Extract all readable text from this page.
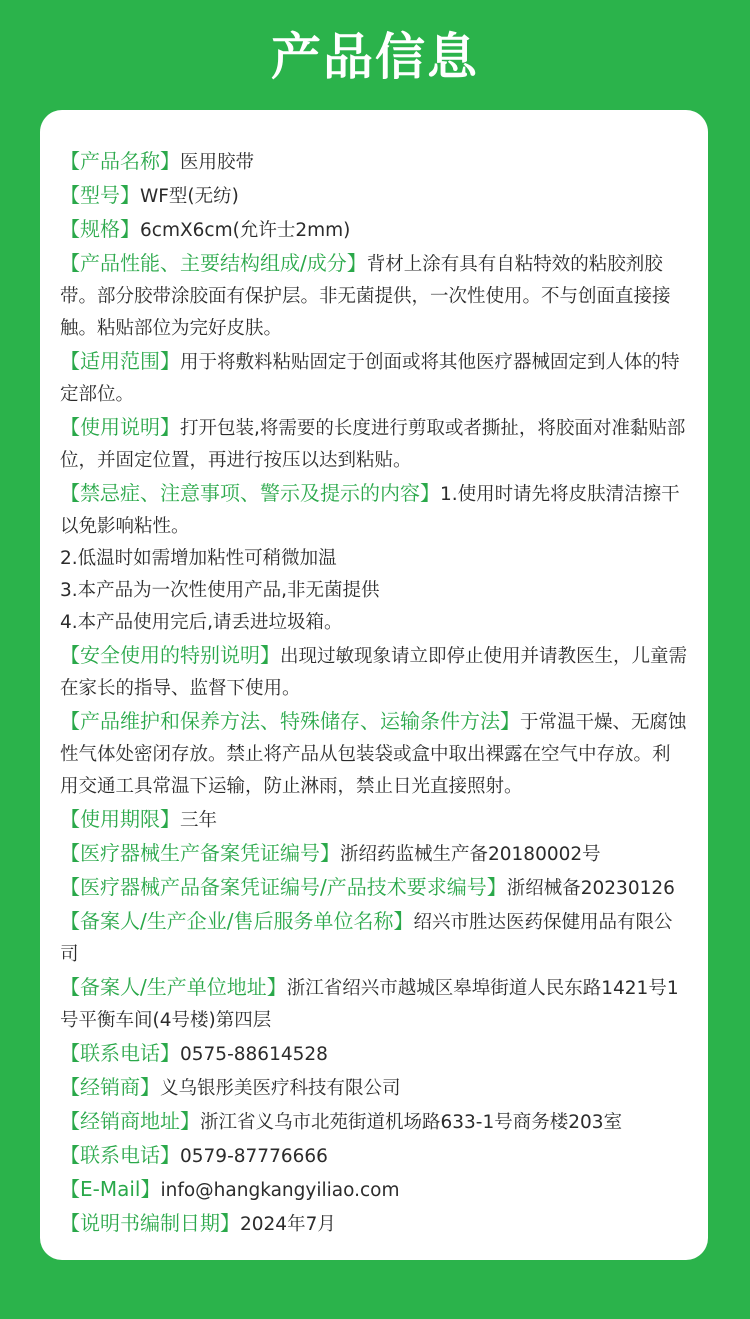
产品信息

【产品名称】医用胶带

【型号】WF型(无纺)

【规格】6cmX6cm(允许士2mm)

【产品性能、主要结构组成/成分】背材上涂有具有自粘特效的粘胶剂胶带。部分胶带涂胶面有保护层。非无菌提供，一次性使用。不与创面直接接触。粘贴部位为完好皮肤。

【适用范围】用于将敷料粘贴固定于创面或将其他医疗器械固定到人体的特定部位。

【使用说明】打开包装,将需要的长度进行剪取或者撕扯，将胶面对准黏贴部位，并固定位置，再进行按压以达到粘贴。

【禁忌症、注意事项、警示及提示的内容】1.使用时请先将皮肤清洁擦干以免影响粘性。

2.低温时如需增加粘性可稍微加温

3.本产品为一次性使用产品,非无菌提供

4.本产品使用完后,请丢进垃圾箱。

【安全使用的特别说明】出现过敏现象请立即停止使用并请教医生，儿童需在家长的指导、监督下使用。

【产品维护和保养方法、特殊储存、运输条件方法】于常温干燥、无腐蚀性气体处密闭存放。禁止将产品从包装袋或盒中取出裸露在空气中存放。利用交通工具常温下运输，防止淋雨，禁止日光直接照射。

【使用期限】三年

【医疗器械生产备案凭证编号】浙绍药监械生产备20180002号

【医疗器械产品备案凭证编号/产品技术要求编号】浙绍械备20230126

【备案人/生产企业/售后服务单位名称】绍兴市胜达医药保健用品有限公司

【备案人/生产单位地址】浙江省绍兴市越城区皋埠街道人民东路1421号1号平衡车间(4号楼)第四层

【联系电话】0575-88614528

【经销商】义乌银彤美医疗科技有限公司

【经销商地址】浙江省义乌市北苑街道机场路633-1号商务楼203室

【联系电话】0579-87776666

【E-Mail】info@hangkangyiliao.com

【说明书编制日期】2024年7月
